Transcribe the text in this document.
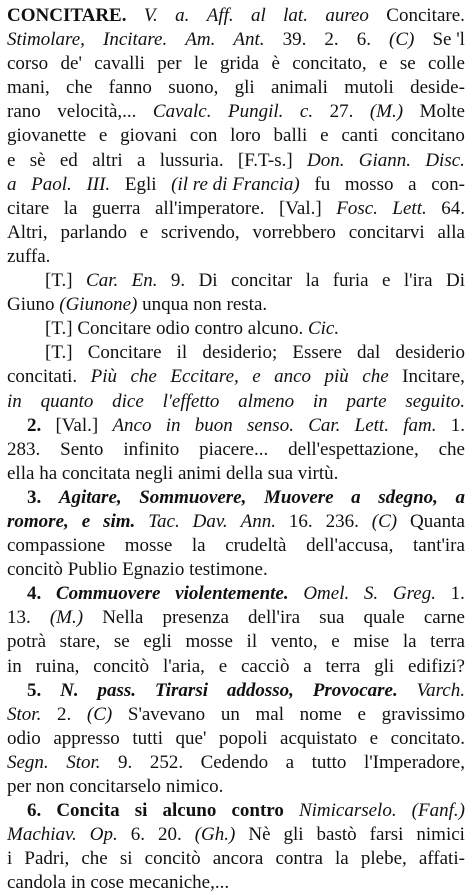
CONCITARE. V. a. Aff. al lat. aureo Concitare.
Stimolare, Incitare. Am. Ant. 39. 2. 6. (C) Se 'l
corso de' cavalli per le grida è concitato, e se colle
mani, che fanno suono, gli animali mutoli deside-
rano velocità,... Cavalc. Pungil. c. 27. (M.) Molte
giovanette e giovani con loro balli e canti concitano
e sè ed altri a lussuria. [F.T-s.] Don. Giann. Disc.
a Paol. III. Egli (il re di Francia) fu mosso a con-
citare la guerra all'imperatore. [Val.] Fosc. Lett. 64.
Altri, parlando e scrivendo, vorrebbero concitarvi alla
zuffa.
[T.] Car. En. 9. Di concitar la furia e l'ira Di
Giuno (Giunone) unqua non resta.
[T.] Concitare odio contro alcuno. Cic.
[T.] Concitare il desiderio; Essere dal desiderio
concitati. Più che Eccitare, e anco più che Incitare,
in quanto dice l'effetto almeno in parte seguito.
2. [Val.] Anco in buon senso. Car. Lett. fam. 1.
283. Sento infinito piacere... dell'espettazione, che
ella ha concitata negli animi della sua virtù.
3. Agitare, Sommuovere, Muovere a sdegno, a
romore, e sim. Tac. Dav. Ann. 16. 236. (C) Quanta
compassione mosse la crudeltà dell'accusa, tant'ira
concitò Publio Egnazio testimone.
4. Commuovere violentemente. Omel. S. Greg. 1.
13. (M.) Nella presenza dell'ira sua quale carne
potrà stare, se egli mosse il vento, e mise la terra
in ruina, concitò l'aria, e cacciò a terra gli edifizi?
5. N. pass. Tirarsi addosso, Provocare. Varch.
Stor. 2. (C) S'avevano un mal nome e gravissimo
odio appresso tutti que' popoli acquistato e concitato.
Segn. Stor. 9. 252. Cedendo a tutto l'Imperadore,
per non concitarselo nimico.
6. Concita si alcuno contro Nimicarselo. (Fanf.)
Machiav. Op. 6. 20. (Gh.) Nè gli bastò farsi nimici
i Padri, che si concitò ancora contra la plebe, affati-
candola in cose mecaniche,...
